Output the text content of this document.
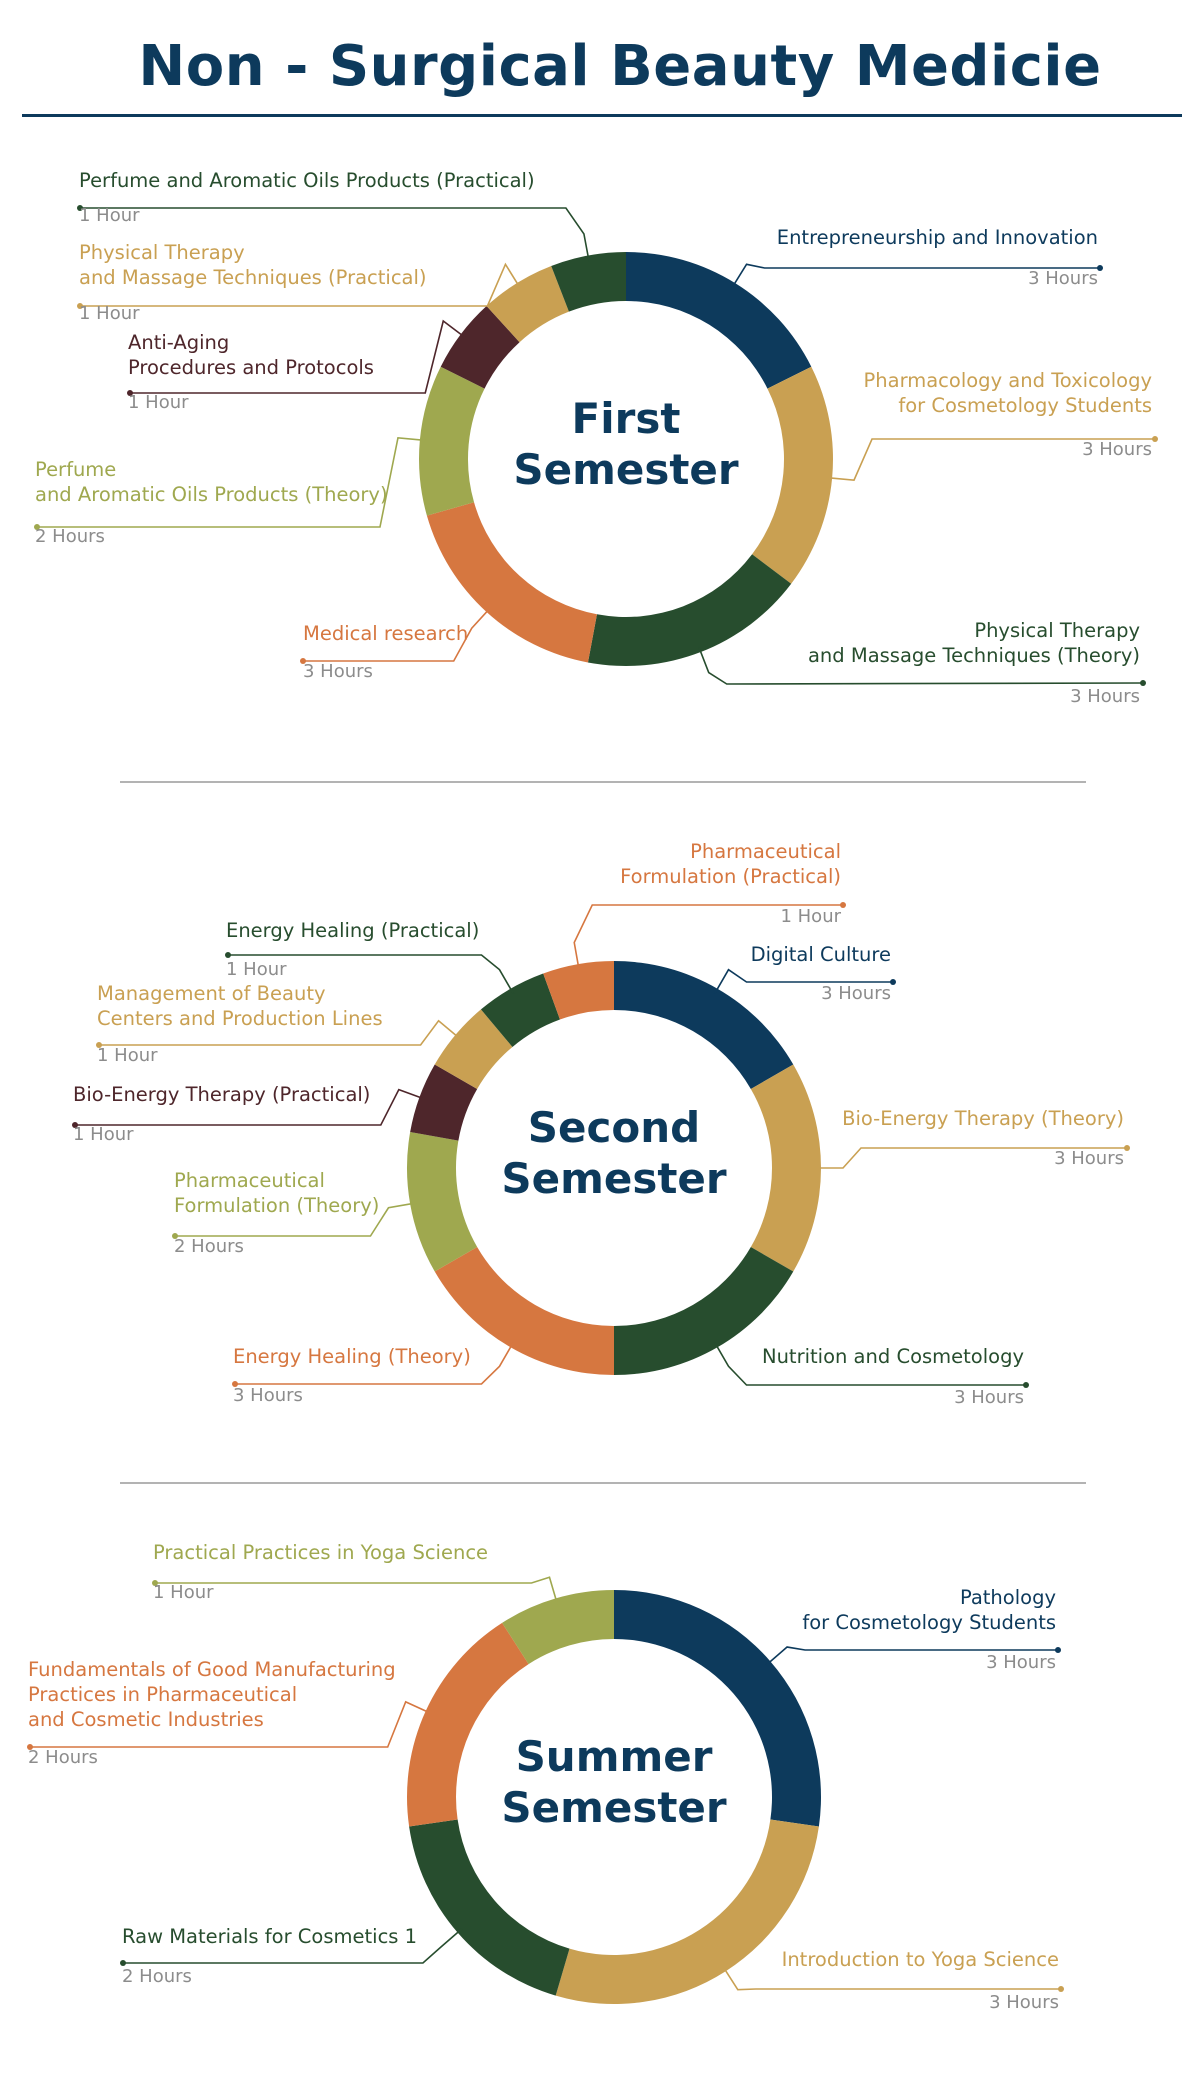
Non - Surgical Beauty Medicie
Entrepreneurship and Innovation
3 Hours
Pharmacology and Toxicology
for Cosmetology Students
3 Hours
Physical Therapy
and Massage Techniques (Theory)
3 Hours
Medical research
3 Hours
Perfume
and Aromatic Oils Products (Theory)
2 Hours
Anti-Aging
Procedures and Protocols
1 Hour
Physical Therapy
and Massage Techniques (Practical)
1 Hour
Perfume and Aromatic Oils Products (Practical)
1 Hour
First
Semester
Digital Culture
3 Hours
Bio-Energy Therapy (Theory)
3 Hours
Nutrition and Cosmetology
3 Hours
Energy Healing (Theory)
3 Hours
Pharmaceutical
Formulation (Theory)
2 Hours
Bio-Energy Therapy (Practical)
1 Hour
Management of Beauty
Centers and Production Lines
1 Hour
Energy Healing (Practical)
1 Hour
Pharmaceutical
Formulation (Practical)
1 Hour
Second
Semester
Pathology
for Cosmetology Students
3 Hours
Introduction to Yoga Science
3 Hours
Raw Materials for Cosmetics 1
2 Hours
Fundamentals of Good Manufacturing
Practices in Pharmaceutical
and Cosmetic Industries
2 Hours
Practical Practices in Yoga Science
1 Hour
Summer
Semester
